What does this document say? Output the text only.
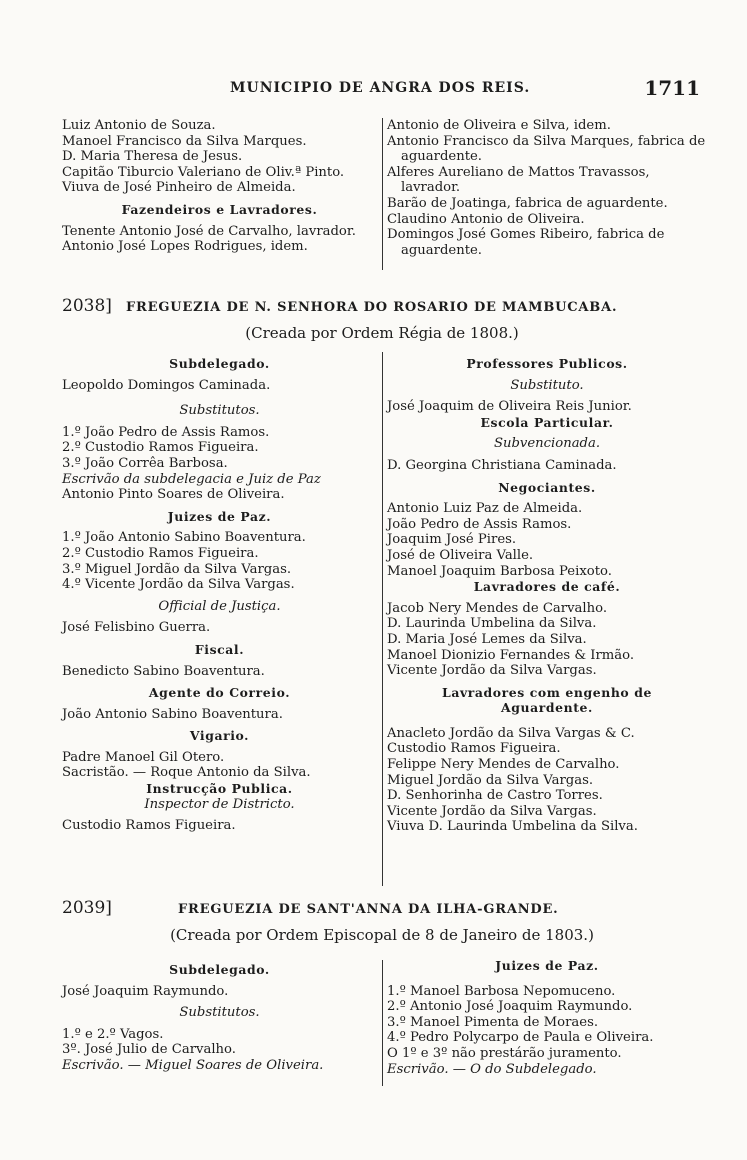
MUNICIPIO DE ANGRA DOS REIS.	1711
Luiz Antonio de Souza.
Manoel Francisco da Silva Marques.
D. Maria Theresa de Jesus.
Capitão Tiburcio Valeriano de Oliv.ª Pinto.
Viuva de José Pinheiro de Almeida.
Fazendeiros e Lavradores.
Tenente Antonio José de Carvalho, lavrador.
Antonio José Lopes Rodrigues, idem.
Antonio de Oliveira e Silva, idem.
Antonio Francisco da Silva Marques, fabrica de aguardente.
Alferes Aureliano de Mattos Travassos, lavrador.
Barão de Joatinga, fabrica de aguardente.
Claudino Antonio de Oliveira.
Domingos José Gomes Ribeiro, fabrica de aguardente.
2038] FREGUEZIA DE N. SENHORA DO ROSARIO DE MAMBUCABA.
(Creada por Ordem Régia de 1808.)
Subdelegado.
Leopoldo Domingos Caminada.
Substitutos.
1.º João Pedro de Assis Ramos.
2.º Custodio Ramos Figueira.
3.º João Corrêa Barbosa.
Escrivão da subdelegacia e Juiz de Paz
Antonio Pinto Soares de Oliveira.
Juizes de Paz.
1.º João Antonio Sabino Boaventura.
2.º Custodio Ramos Figueira.
3.º Miguel Jordão da Silva Vargas.
4.º Vicente Jordão da Silva Vargas.
Official de Justiça.
José Felisbino Guerra.
Fiscal.
Benedicto Sabino Boaventura.
Agente do Correio.
João Antonio Sabino Boaventura.
Vigario.
Padre Manoel Gil Otero.
Sacristão. — Roque Antonio da Silva.
Instrucção Publica.
Inspector de Districto.
Custodio Ramos Figueira.
Professores Publicos.
Substituto.
José Joaquim de Oliveira Reis Junior.
Escola Particular.
Subvencionada.
D. Georgina Christiana Caminada.
Negociantes.
Antonio Luiz Paz de Almeida.
João Pedro de Assis Ramos.
Joaquim José Pires.
José de Oliveira Valle.
Manoel Joaquim Barbosa Peixoto.
Lavradores de café.
Jacob Nery Mendes de Carvalho.
D. Laurinda Umbelina da Silva.
D. Maria José Lemes da Silva.
Manoel Dionizio Fernandes & Irmão.
Vicente Jordão da Silva Vargas.
Lavradores com engenho de Aguardente.
Anacleto Jordão da Silva Vargas & C.
Custodio Ramos Figueira.
Felippe Nery Mendes de Carvalho.
Miguel Jordão da Silva Vargas.
D. Senhorinha de Castro Torres.
Vicente Jordão da Silva Vargas.
Viuva D. Laurinda Umbelina da Silva.
2039]	FREGUEZIA DE SANT'ANNA DA ILHA-GRANDE.
(Creada por Ordem Episcopal de 8 de Janeiro de 1803.)
Subdelegado.
José Joaquim Raymundo.
Substitutos.
1.º e 2.º Vagos.
3º. José Julio de Carvalho.
Escrivão. — Miguel Soares de Oliveira.
Juizes de Paz.
1.º Manoel Barbosa Nepomuceno.
2.º Antonio José Joaquim Raymundo.
3.º Manoel Pimenta de Moraes.
4.º Pedro Polycarpo de Paula e Oliveira.
O 1º e 3º não prestárão juramento.
Escrivão. — O do Subdelegado.
